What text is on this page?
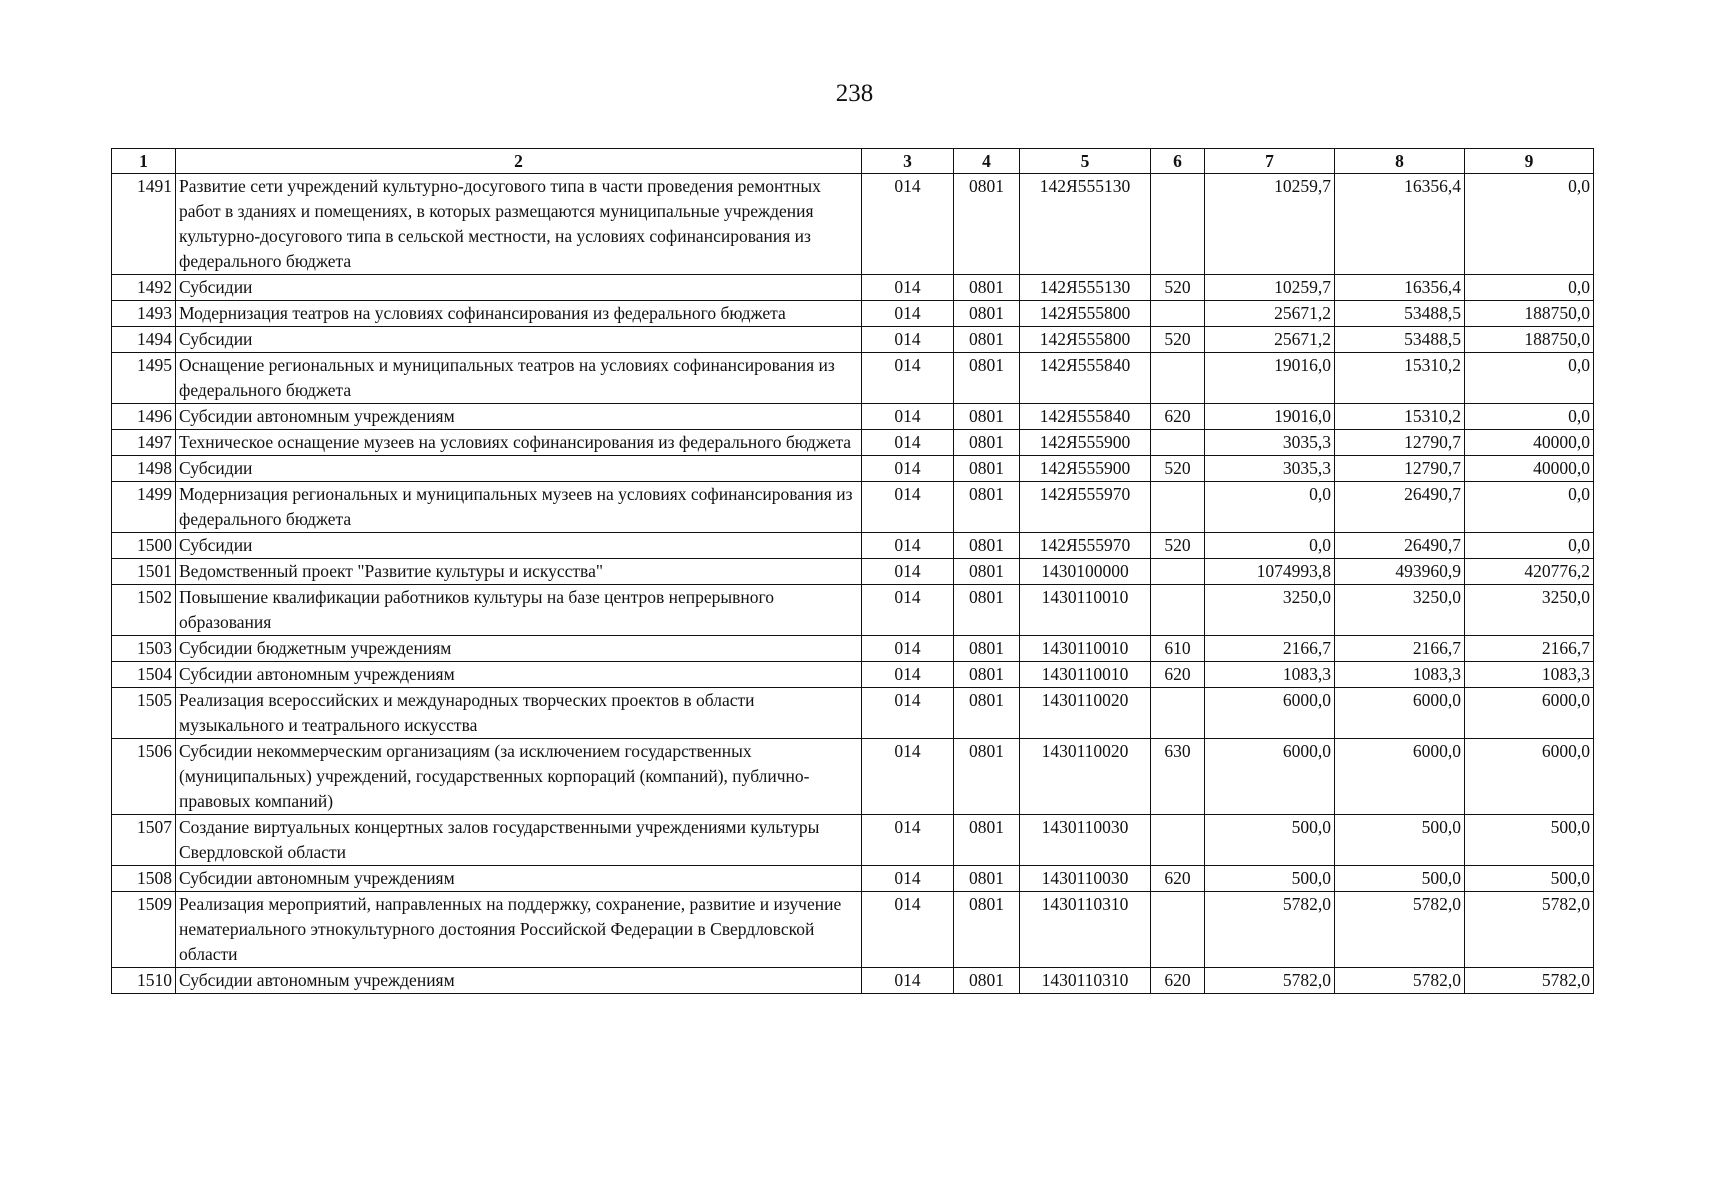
238
1	2	3	4	5	6	7	8	9
1491	Развитие сети учреждений культурно-досугового типа в части проведения ремонтных работ в зданиях и помещениях, в которых размещаются муниципальные учреждения культурно-досугового типа в сельской местности, на условиях софинансирования из федерального бюджета	014	0801	142Я555130		10259,7	16356,4	0,0
1492	Субсидии	014	0801	142Я555130	520	10259,7	16356,4	0,0
1493	Модернизация театров на условиях софинансирования из федерального бюджета	014	0801	142Я555800		25671,2	53488,5	188750,0
1494	Субсидии	014	0801	142Я555800	520	25671,2	53488,5	188750,0
1495	Оснащение региональных и муниципальных театров на условиях софинансирования из федерального бюджета	014	0801	142Я555840		19016,0	15310,2	0,0
1496	Субсидии автономным учреждениям	014	0801	142Я555840	620	19016,0	15310,2	0,0
1497	Техническое оснащение музеев на условиях софинансирования из федерального бюджета	014	0801	142Я555900		3035,3	12790,7	40000,0
1498	Субсидии	014	0801	142Я555900	520	3035,3	12790,7	40000,0
1499	Модернизация региональных и муниципальных музеев на условиях софинансирования из федерального бюджета	014	0801	142Я555970		0,0	26490,7	0,0
1500	Субсидии	014	0801	142Я555970	520	0,0	26490,7	0,0
1501	Ведомственный проект "Развитие культуры и искусства"	014	0801	1430100000		1074993,8	493960,9	420776,2
1502	Повышение квалификации работников культуры на базе центров непрерывного образования	014	0801	1430110010		3250,0	3250,0	3250,0
1503	Субсидии бюджетным учреждениям	014	0801	1430110010	610	2166,7	2166,7	2166,7
1504	Субсидии автономным учреждениям	014	0801	1430110010	620	1083,3	1083,3	1083,3
1505	Реализация всероссийских и международных творческих проектов в области музыкального и театрального искусства	014	0801	1430110020		6000,0	6000,0	6000,0
1506	Субсидии некоммерческим организациям (за исключением государственных (муниципальных) учреждений, государственных корпораций (компаний), публично-правовых компаний)	014	0801	1430110020	630	6000,0	6000,0	6000,0
1507	Создание виртуальных концертных залов государственными учреждениями культуры Свердловской области	014	0801	1430110030		500,0	500,0	500,0
1508	Субсидии автономным учреждениям	014	0801	1430110030	620	500,0	500,0	500,0
1509	Реализация мероприятий, направленных на поддержку, сохранение, развитие и изучение нематериального этнокультурного достояния Российской Федерации в Свердловской области	014	0801	1430110310		5782,0	5782,0	5782,0
1510	Субсидии автономным учреждениям	014	0801	1430110310	620	5782,0	5782,0	5782,0
